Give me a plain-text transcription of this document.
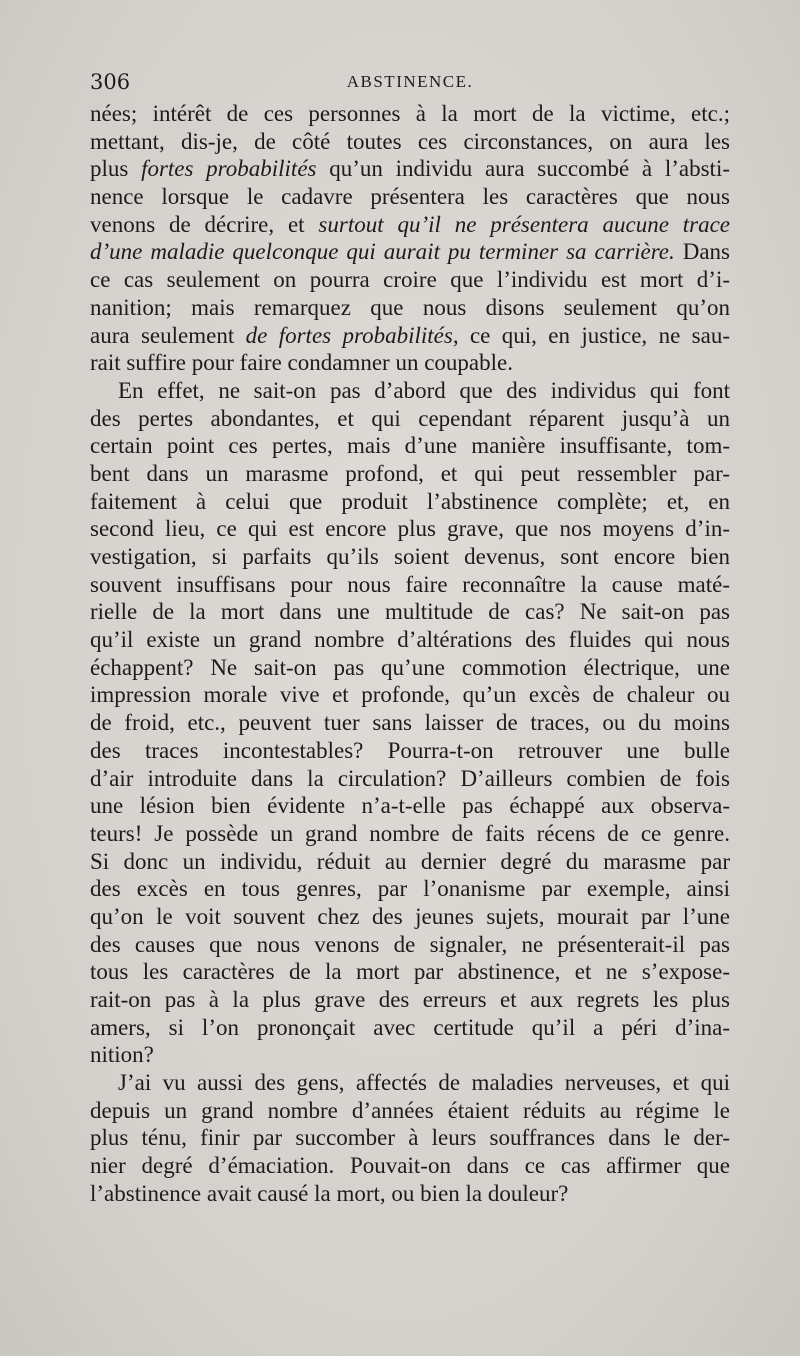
306	ABSTINENCE.
nées; intérêt de ces personnes à la mort de la victime, etc.;
mettant, dis-je, de côté toutes ces circonstances, on aura les
plus fortes probabilités qu’un individu aura succombé à l’absti-
nence lorsque le cadavre présentera les caractères que nous
venons de décrire, et surtout qu’il ne présentera aucune trace
d’une maladie quelconque qui aurait pu terminer sa carrière. Dans
ce cas seulement on pourra croire que l’individu est mort d’i-
nanition; mais remarquez que nous disons seulement qu’on
aura seulement de fortes probabilités, ce qui, en justice, ne sau-
rait suffire pour faire condamner un coupable.
En effet, ne sait-on pas d’abord que des individus qui font
des pertes abondantes, et qui cependant réparent jusqu’à un
certain point ces pertes, mais d’une manière insuffisante, tom-
bent dans un marasme profond, et qui peut ressembler par-
faitement à celui que produit l’abstinence complète; et, en
second lieu, ce qui est encore plus grave, que nos moyens d’in-
vestigation, si parfaits qu’ils soient devenus, sont encore bien
souvent insuffisans pour nous faire reconnaître la cause maté-
rielle de la mort dans une multitude de cas? Ne sait-on pas
qu’il existe un grand nombre d’altérations des fluides qui nous
échappent? Ne sait-on pas qu’une commotion électrique, une
impression morale vive et profonde, qu’un excès de chaleur ou
de froid, etc., peuvent tuer sans laisser de traces, ou du moins
des traces incontestables? Pourra-t-on retrouver une bulle
d’air introduite dans la circulation? D’ailleurs combien de fois
une lésion bien évidente n’a-t-elle pas échappé aux observa-
teurs! Je possède un grand nombre de faits récens de ce genre.
Si donc un individu, réduit au dernier degré du marasme par
des excès en tous genres, par l’onanisme par exemple, ainsi
qu’on le voit souvent chez des jeunes sujets, mourait par l’une
des causes que nous venons de signaler, ne présenterait-il pas
tous les caractères de la mort par abstinence, et ne s’expose-
rait-on pas à la plus grave des erreurs et aux regrets les plus
amers, si l’on prononçait avec certitude qu’il a péri d’ina-
nition?
J’ai vu aussi des gens, affectés de maladies nerveuses, et qui
depuis un grand nombre d’années étaient réduits au régime le
plus ténu, finir par succomber à leurs souffrances dans le der-
nier degré d’émaciation. Pouvait-on dans ce cas affirmer que
l’abstinence avait causé la mort, ou bien la douleur?
